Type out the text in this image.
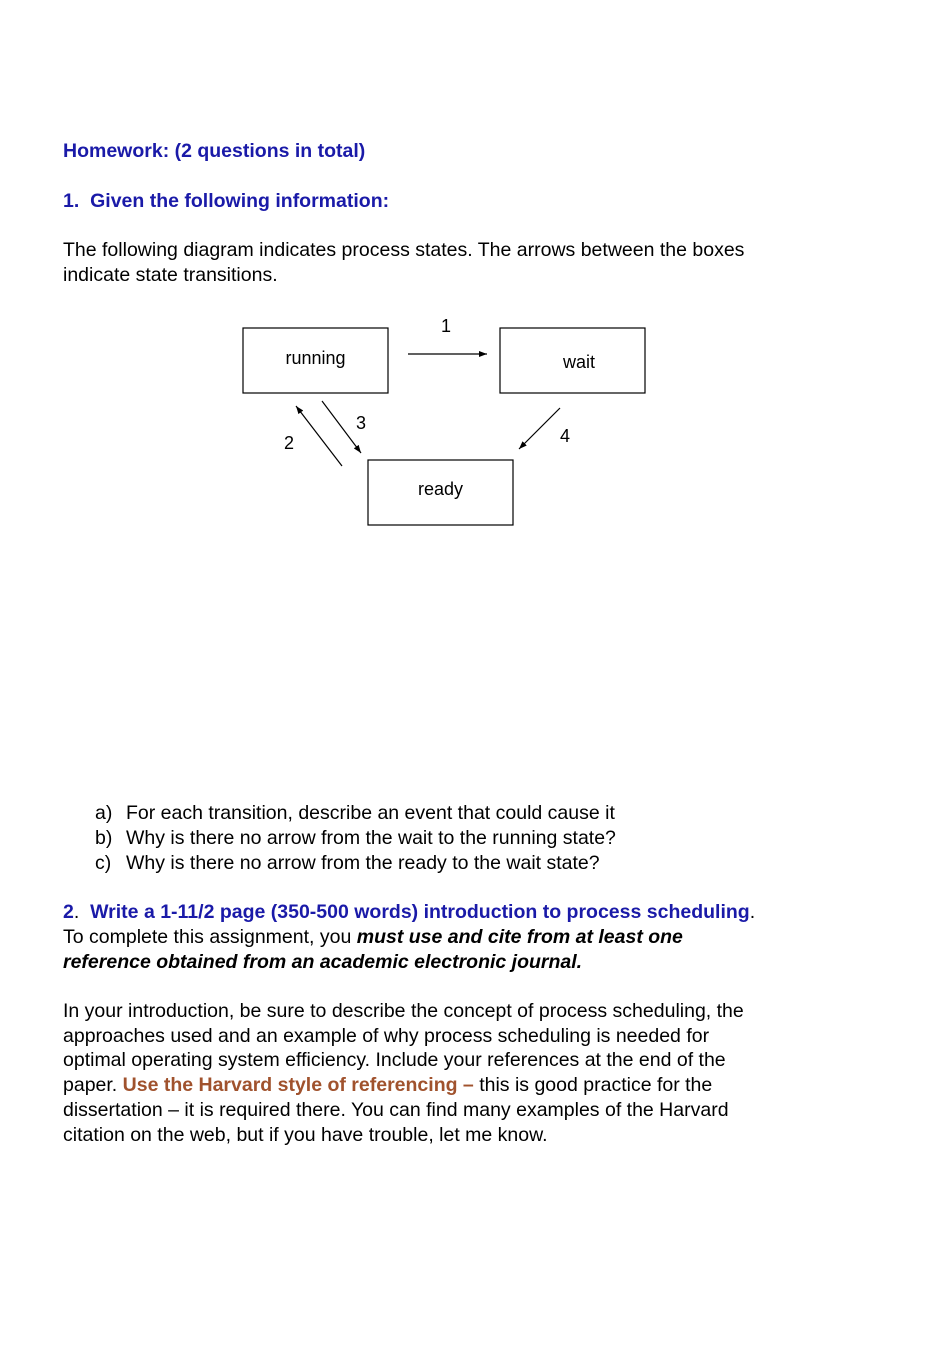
Homework: (2 questions in total)

1. Given the following information:

The following diagram indicates process states. The arrows between the boxes

indicate state transitions.

running	wait
ready
1
2
3
4

a) For each transition, describe an event that could cause it

b) Why is there no arrow from the wait to the running state?

c) Why is there no arrow from the ready to the wait state?

2. Write a 1-11/2 page (350-500 words) introduction to process scheduling.

To complete this assignment, you must use and cite from at least one

reference obtained from an academic electronic journal.

In your introduction, be sure to describe the concept of process scheduling, the

approaches used and an example of why process scheduling is needed for

optimal operating system efficiency. Include your references at the end of the

paper. Use the Harvard style of referencing – this is good practice for the

dissertation – it is required there. You can find many examples of the Harvard

citation on the web, but if you have trouble, let me know.
